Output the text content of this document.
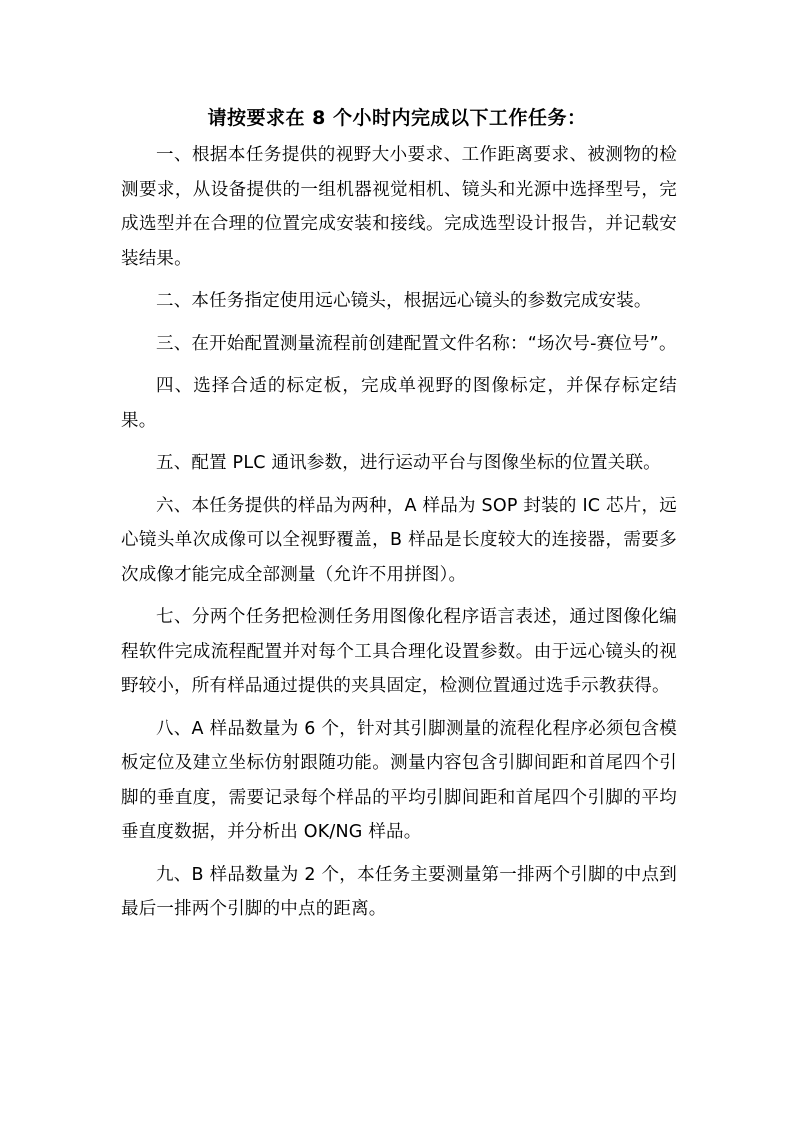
请按要求在 8 个小时内完成以下工作任务：

一、根据本任务提供的视野大小要求、工作距离要求、被测物的检测要求，从设备提供的一组机器视觉相机、镜头和光源中选择型号，完成选型并在合理的位置完成安装和接线。完成选型设计报告，并记载安装结果。

二、本任务指定使用远心镜头，根据远心镜头的参数完成安装。

三、在开始配置测量流程前创建配置文件名称：“场次号-赛位号”。

四、选择合适的标定板，完成单视野的图像标定，并保存标定结果。

五、配置 PLC 通讯参数，进行运动平台与图像坐标的位置关联。

六、本任务提供的样品为两种，A 样品为 SOP 封装的 IC 芯片，远心镜头单次成像可以全视野覆盖，B 样品是长度较大的连接器，需要多次成像才能完成全部测量（允许不用拼图）。

七、分两个任务把检测任务用图像化程序语言表述，通过图像化编程软件完成流程配置并对每个工具合理化设置参数。由于远心镜头的视野较小，所有样品通过提供的夹具固定，检测位置通过选手示教获得。

八、A 样品数量为 6 个，针对其引脚测量的流程化程序必须包含模板定位及建立坐标仿射跟随功能。测量内容包含引脚间距和首尾四个引脚的垂直度，需要记录每个样品的平均引脚间距和首尾四个引脚的平均垂直度数据，并分析出 OK/NG 样品。

九、B 样品数量为 2 个，本任务主要测量第一排两个引脚的中点到最后一排两个引脚的中点的距离。
